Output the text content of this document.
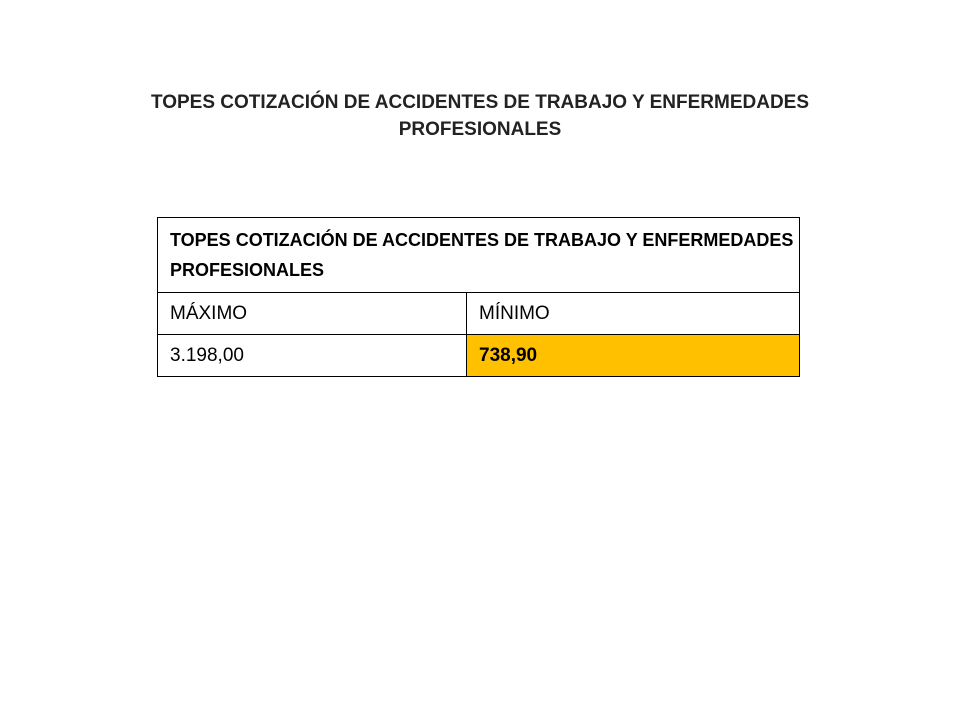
TOPES COTIZACIÓN DE ACCIDENTES DE TRABAJO Y ENFERMEDADES PROFESIONALES
TOPES COTIZACIÓN DE ACCIDENTES DE TRABAJO Y ENFERMEDADES PROFESIONALES	
MÁXIMO	MÍNIMO
3.198,00	738,90
